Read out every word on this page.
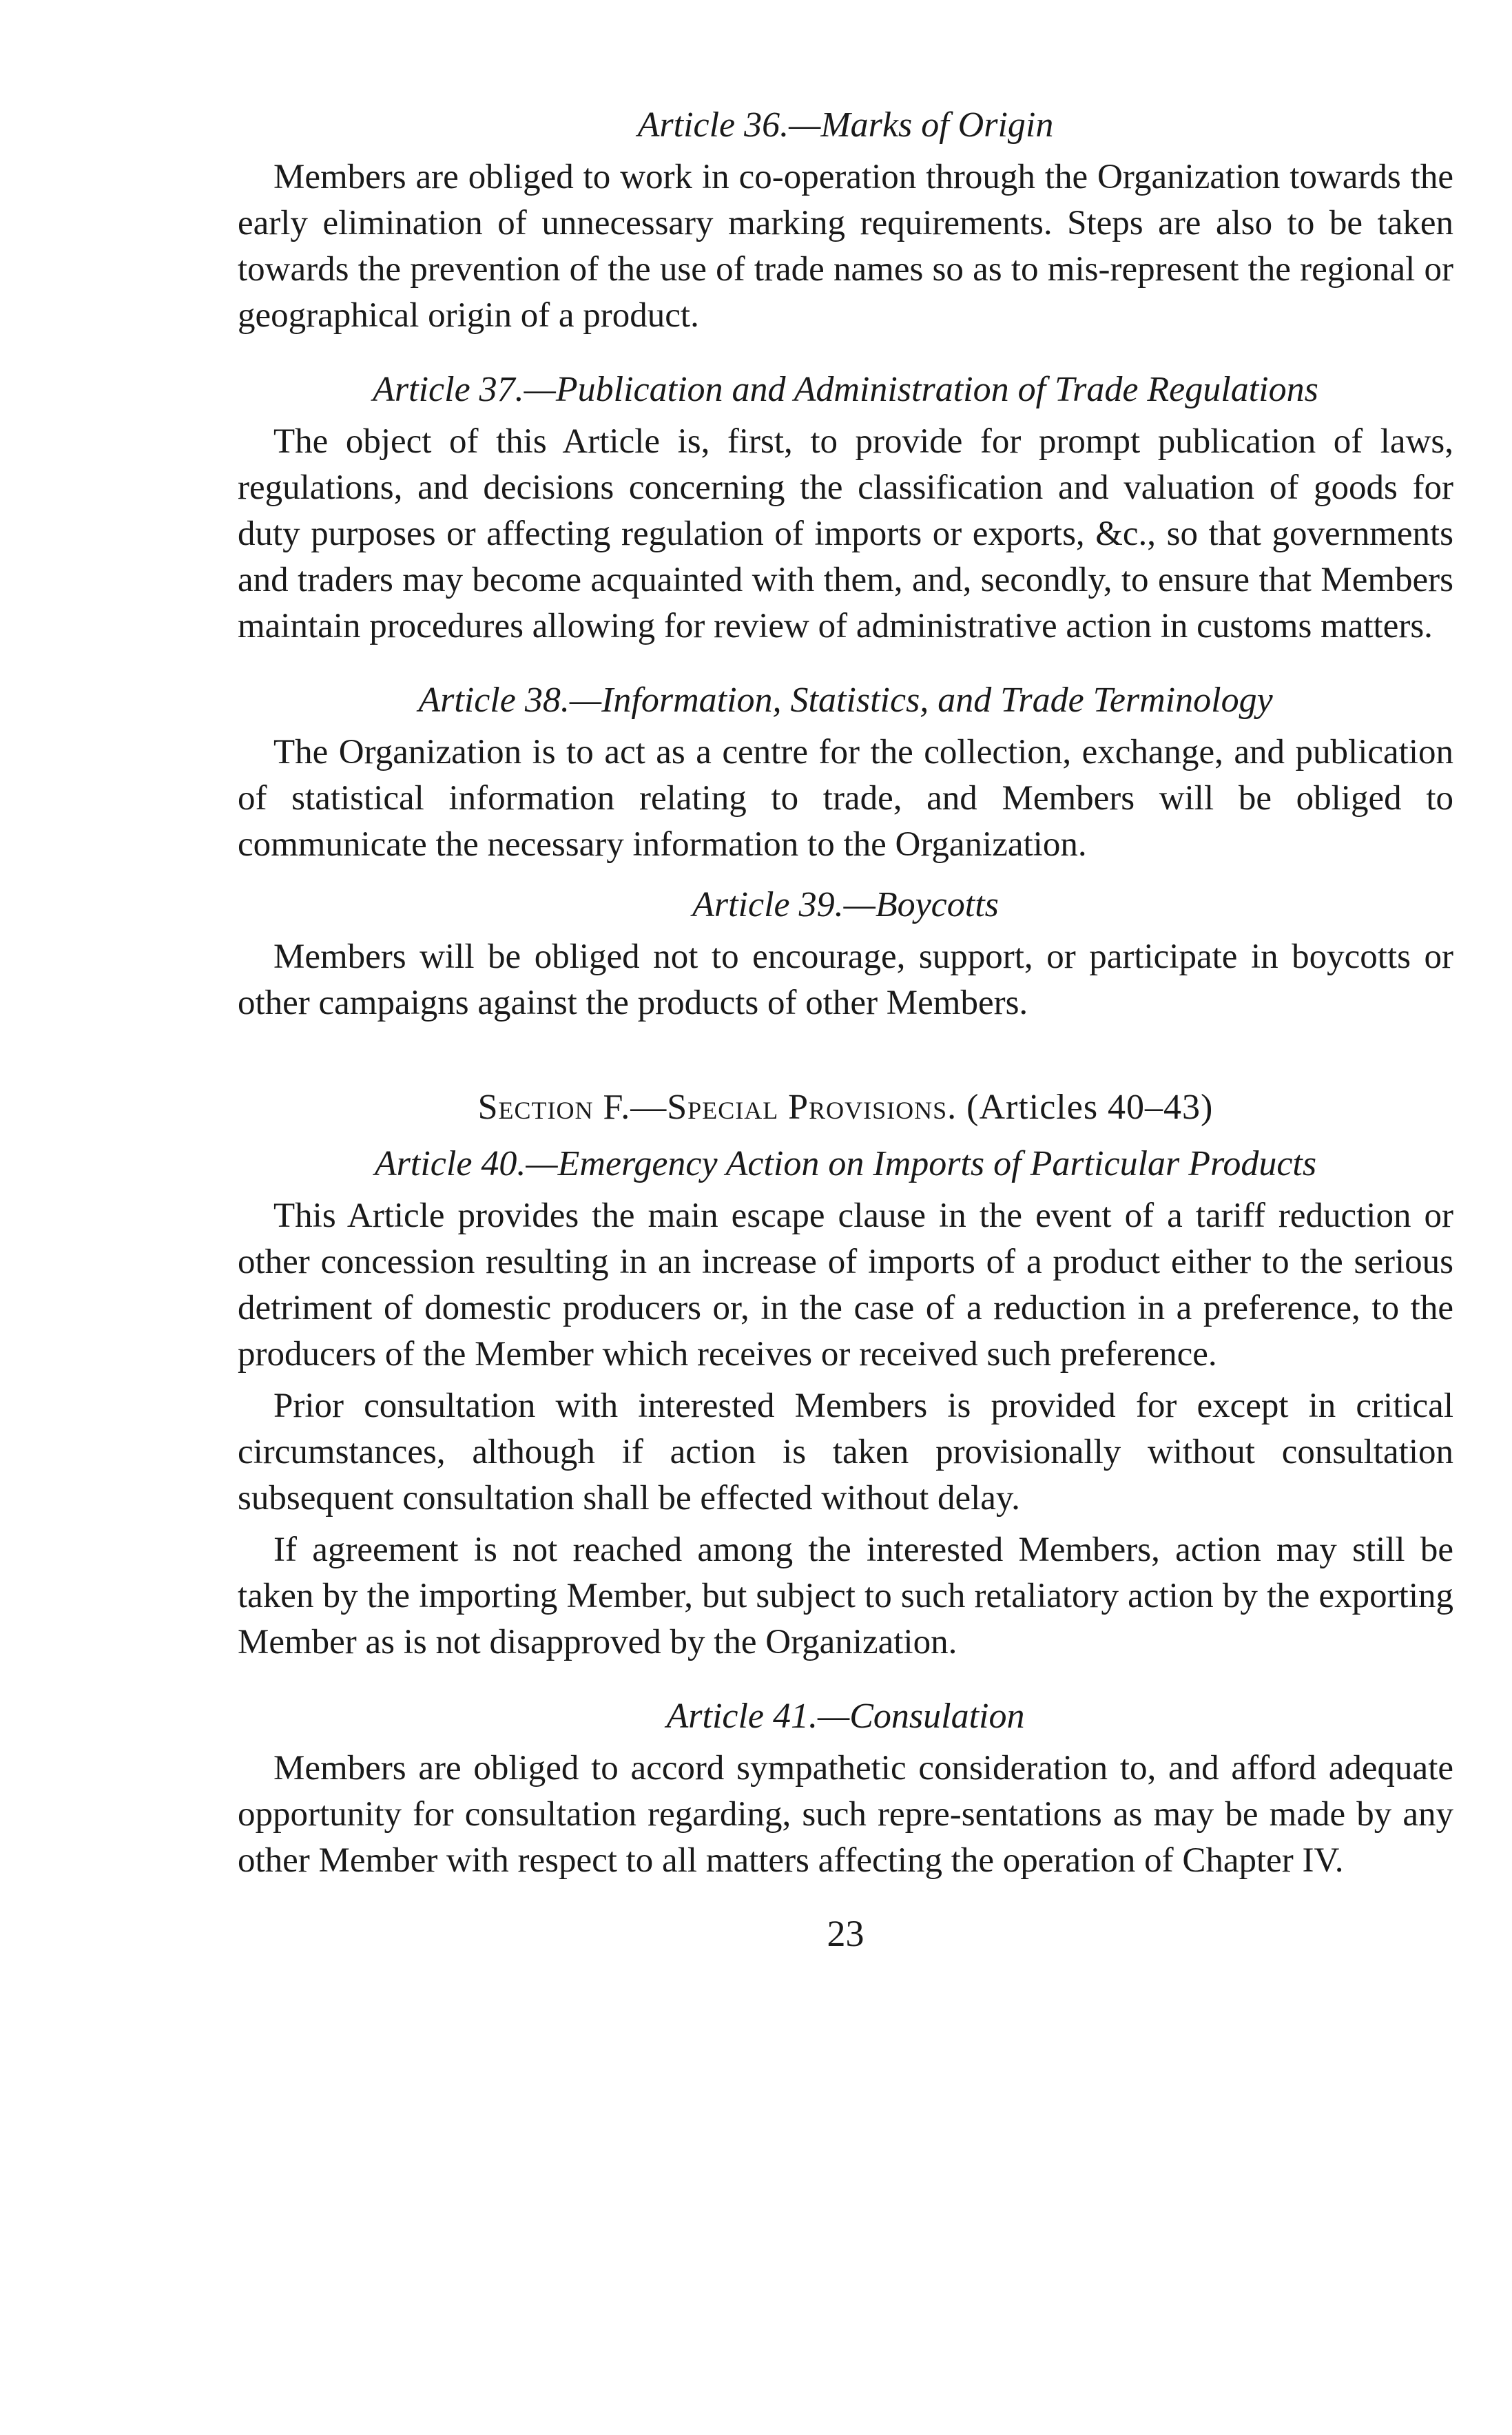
Article 36.—Marks of Origin

Members are obliged to work in co-operation through the Organization towards the early elimination of unnecessary marking requirements. Steps are also to be taken towards the prevention of the use of trade names so as to mis-represent the regional or geographical origin of a product.

Article 37.—Publication and Administration of Trade Regulations

The object of this Article is, first, to provide for prompt publication of laws, regulations, and decisions concerning the classification and valuation of goods for duty purposes or affecting regulation of imports or exports, &c., so that governments and traders may become acquainted with them, and, secondly, to ensure that Members maintain procedures allowing for review of administrative action in customs matters.

Article 38.—Information, Statistics, and Trade Terminology

The Organization is to act as a centre for the collection, exchange, and publication of statistical information relating to trade, and Members will be obliged to communicate the necessary information to the Organization.

Article 39.—Boycotts

Members will be obliged not to encourage, support, or participate in boycotts or other campaigns against the products of other Members.

Section F.—Special Provisions. (Articles 40–43)
Article 40.—Emergency Action on Imports of Particular Products

This Article provides the main escape clause in the event of a tariff reduction or other concession resulting in an increase of imports of a product either to the serious detriment of domestic producers or, in the case of a reduction in a preference, to the producers of the Member which receives or received such preference.

Prior consultation with interested Members is provided for except in critical circumstances, although if action is taken provisionally without consultation subsequent consultation shall be effected without delay.

If agreement is not reached among the interested Members, action may still be taken by the importing Member, but subject to such retaliatory action by the exporting Member as is not disapproved by the Organization.

Article 41.—Consulation

Members are obliged to accord sympathetic consideration to, and afford adequate opportunity for consultation regarding, such repre-sentations as may be made by any other Member with respect to all matters affecting the operation of Chapter IV.

23
